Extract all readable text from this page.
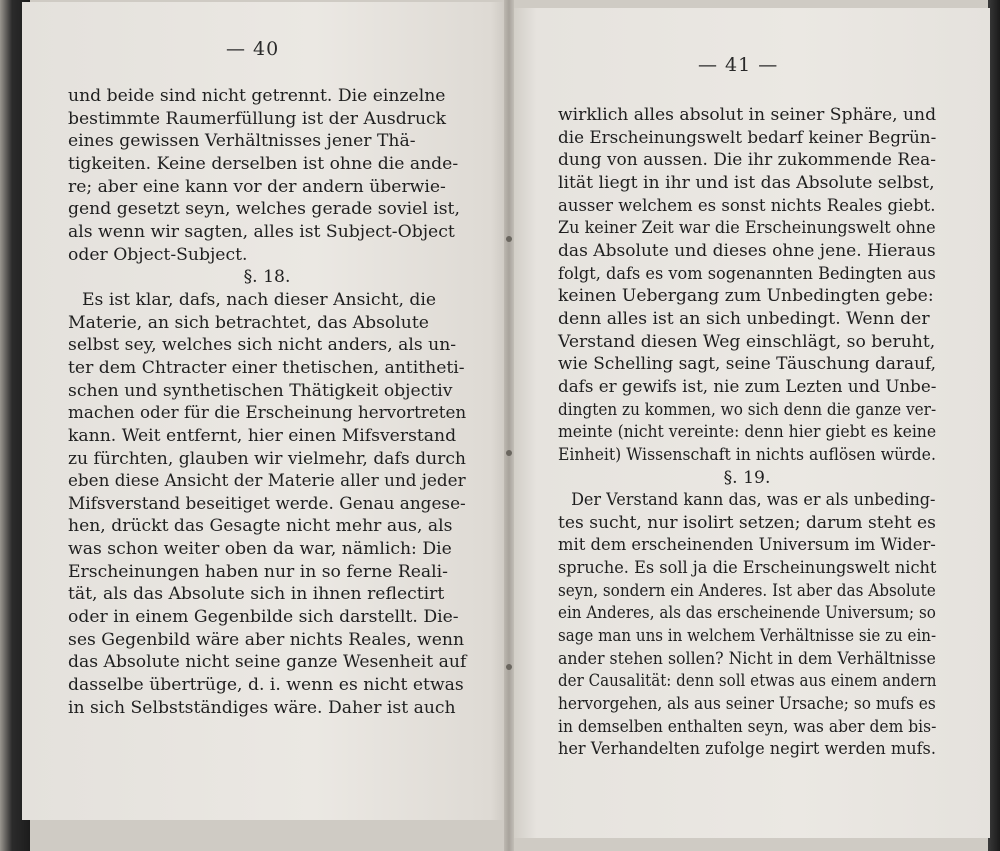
— 40
— 41 —
und beide sind nicht getrennt. Die einzelne
bestimmte Raumerfüllung ist der Ausdruck
eines gewissen Verhältnisses jener Thä-
tigkeiten. Keine derselben ist ohne die ande-
re; aber eine kann vor der andern überwie-
gend gesetzt seyn, welches gerade soviel ist,
als wenn wir sagten, alles ist Subject-Object
oder Object-Subject.
§. 18.
Es ist klar, dafs, nach dieser Ansicht, die
Materie, an sich betrachtet, das Absolute
selbst sey, welches sich nicht anders, als un-
ter dem Chtracter einer thetischen, antitheti-
schen und synthetischen Thätigkeit objectiv
machen oder für die Erscheinung hervortreten
kann. Weit entfernt, hier einen Mifsverstand
zu fürchten, glauben wir vielmehr, dafs durch
eben diese Ansicht der Materie aller und jeder
Mifsverstand beseitiget werde. Genau angese-
hen, drückt das Gesagte nicht mehr aus, als
was schon weiter oben da war, nämlich: Die
Erscheinungen haben nur in so ferne Reali-
tät, als das Absolute sich in ihnen reflectirt
oder in einem Gegenbilde sich darstellt. Die-
ses Gegenbild wäre aber nichts Reales, wenn
das Absolute nicht seine ganze Wesenheit auf
dasselbe übertrüge, d. i. wenn es nicht etwas
in sich Selbstständiges wäre. Daher ist auch
wirklich alles absolut in seiner Sphäre, und
die Erscheinungswelt bedarf keiner Begrün-
dung von aussen. Die ihr zukommende Rea-
lität liegt in ihr und ist das Absolute selbst,
ausser welchem es sonst nichts Reales giebt.
Zu keiner Zeit war die Erscheinungswelt ohne
das Absolute und dieses ohne jene. Hieraus
folgt, dafs es vom sogenannten Bedingten aus
keinen Uebergang zum Unbedingten gebe:
denn alles ist an sich unbedingt. Wenn der
Verstand diesen Weg einschlägt, so beruht,
wie Schelling sagt, seine Täuschung darauf,
dafs er gewifs ist, nie zum Lezten und Unbe-
dingten zu kommen, wo sich denn die ganze ver-
meinte (nicht vereinte: denn hier giebt es keine
Einheit) Wissenschaft in nichts auflösen würde.
§. 19.
Der Verstand kann das, was er als unbeding-
tes sucht, nur isolirt setzen; darum steht es
mit dem erscheinenden Universum im Wider-
spruche. Es soll ja die Erscheinungswelt nicht
seyn, sondern ein Anderes. Ist aber das Absolute
ein Anderes, als das erscheinende Universum; so
sage man uns in welchem Verhältnisse sie zu ein-
ander stehen sollen? Nicht in dem Verhältnisse
der Causalität: denn soll etwas aus einem andern
hervorgehen, als aus seiner Ursache; so mufs es
in demselben enthalten seyn, was aber dem bis-
her Verhandelten zufolge negirt werden mufs.
